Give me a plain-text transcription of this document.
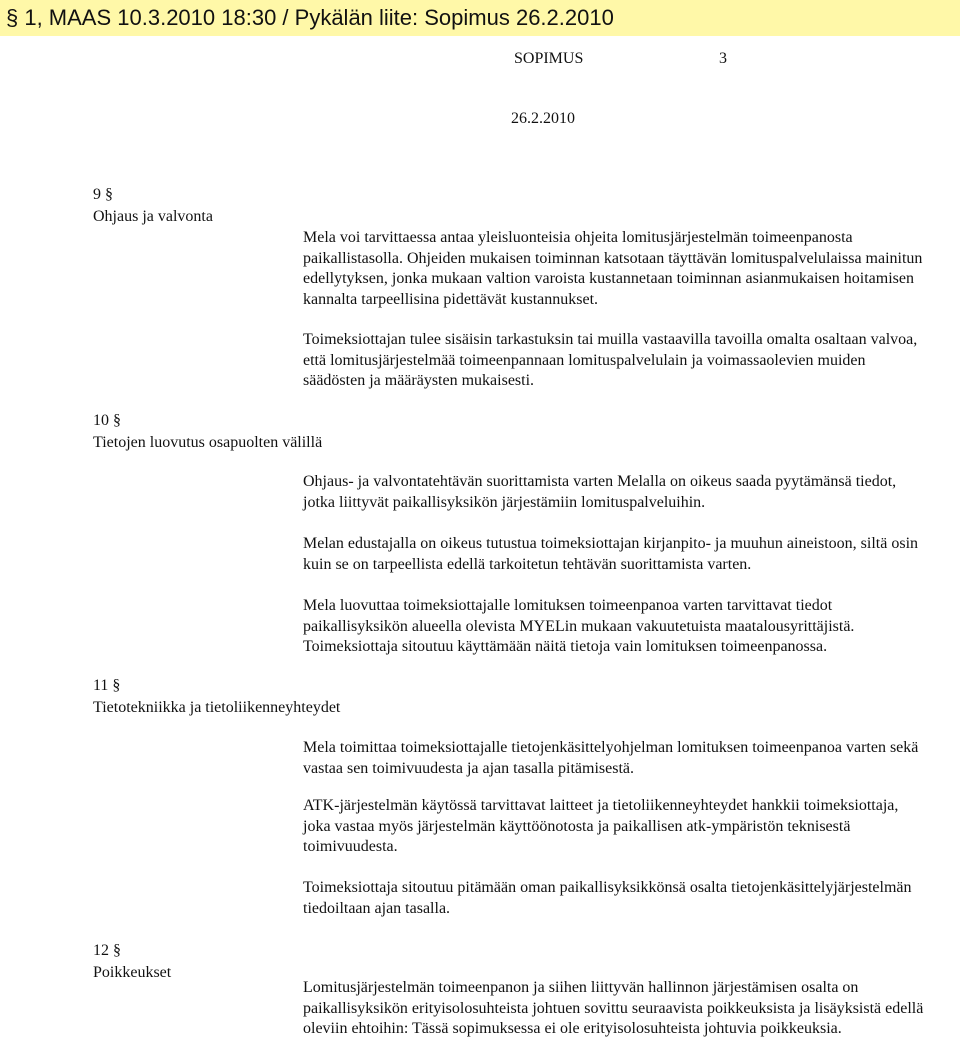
§ 1, MAAS 10.3.2010 18:30 / Pykälän liite: Sopimus 26.2.2010
SOPIMUS	3
26.2.2010
9 §
Ohjaus ja valvonta
Mela voi tarvittaessa antaa yleisluonteisia ohjeita lomitusjärjestelmän toimeenpanosta paikallistasolla. Ohjeiden mukaisen toiminnan katsotaan täyttävän lomituspalvelulaissa mainitun edellytyksen, jonka mukaan valtion varoista kustannetaan toiminnan asianmukaisen hoitamisen kannalta tarpeellisina pidettävät kustannukset.
Toimeksiottajan tulee sisäisin tarkastuksin tai muilla vastaavilla tavoilla omalta osaltaan valvoa, että lomitusjärjestelmää toimeenpannaan lomituspalvelulain ja voimassaolevien muiden säädösten ja määräysten mukaisesti.
10 §
Tietojen luovutus osapuolten välillä
Ohjaus- ja valvontatehtävän suorittamista varten Melalla on oikeus saada pyytämänsä tiedot, jotka liittyvät paikallisyksikön järjestämiin lomituspalveluihin.
Melan edustajalla on oikeus tutustua toimeksiottajan kirjanpito- ja muuhun aineistoon, siltä osin kuin se on tarpeellista edellä tarkoitetun tehtävän suorittamista varten.
Mela luovuttaa toimeksiottajalle lomituksen toimeenpanoa varten tarvittavat tiedot paikallisyksikön alueella olevista MYELin mukaan vakuutetuista maatalousyrittäjistä. Toimeksiottaja sitoutuu käyttämään näitä tietoja vain lomituksen toimeenpanossa.
11 §
Tietotekniikka ja tietoliikenneyhteydet
Mela toimittaa toimeksiottajalle tietojenkäsittelyohjelman lomituksen toimeenpanoa varten sekä vastaa sen toimivuudesta ja ajan tasalla pitämisestä.
ATK-järjestelmän käytössä tarvittavat laitteet ja tietoliikenneyhteydet hankkii toimeksiottaja, joka vastaa myös järjestelmän käyttöönotosta ja paikallisen atk-ympäristön teknisestä toimivuudesta.
Toimeksiottaja sitoutuu pitämään oman paikallisyksikkönsä osalta tietojenkäsittelyjärjestelmän tiedoiltaan ajan tasalla.
12 §
Poikkeukset
Lomitusjärjestelmän toimeenpanon ja siihen liittyvän hallinnon järjestämisen osalta on paikallisyksikön erityisolosuhteista johtuen sovittu seuraavista poikkeuksista ja lisäyksistä edellä oleviin ehtoihin: Tässä sopimuksessa ei ole erityisolosuhteista johtuvia poikkeuksia.
